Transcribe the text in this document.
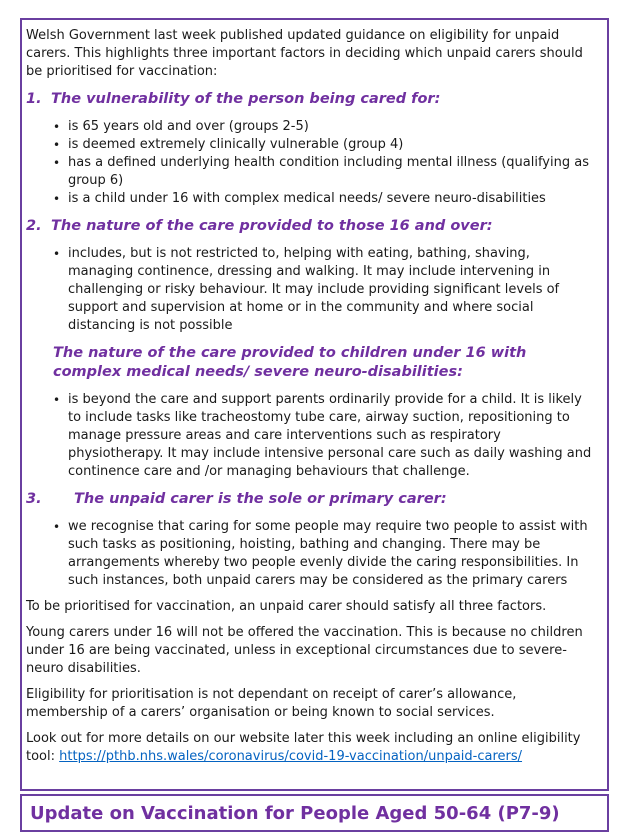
Welsh Government last week published updated guidance on eligibility for unpaid carers. This highlights three important factors in deciding which unpaid carers should be prioritised for vaccination:

1. The vulnerability of the person being cared for:
• is 65 years old and over (groups 2-5)
• is deemed extremely clinically vulnerable (group 4)
• has a defined underlying health condition including mental illness (qualifying as group 6)
• is a child under 16 with complex medical needs/ severe neuro-disabilities
2. The nature of the care provided to those 16 and over:
• includes, but is not restricted to, helping with eating, bathing, shaving, managing continence, dressing and walking. It may include intervening in challenging or risky behaviour. It may include providing significant levels of support and supervision at home or in the community and where social distancing is not possible
The nature of the care provided to children under 16 with complex medical needs/ severe neuro-disabilities:
• is beyond the care and support parents ordinarily provide for a child. It is likely to include tasks like tracheostomy tube care, airway suction, repositioning to manage pressure areas and care interventions such as respiratory physiotherapy. It may include intensive personal care such as daily washing and continence care and /or managing behaviours that challenge.
3.	The unpaid carer is the sole or primary carer:
• we recognise that caring for some people may require two people to assist with such tasks as positioning, hoisting, bathing and changing. There may be arrangements whereby two people evenly divide the caring responsibilities. In such instances, both unpaid carers may be considered as the primary carers

To be prioritised for vaccination, an unpaid carer should satisfy all three factors.

Young carers under 16 will not be offered the vaccination. This is because no children under 16 are being vaccinated, unless in exceptional circumstances due to severe-neuro disabilities.

Eligibility for prioritisation is not dependant on receipt of carer’s allowance, membership of a carers’ organisation or being known to social services.

Look out for more details on our website later this week including an online eligibility tool: https://pthb.nhs.wales/coronavirus/covid-19-vaccination/unpaid-carers/

Update on Vaccination for People Aged 50-64 (P7-9)
